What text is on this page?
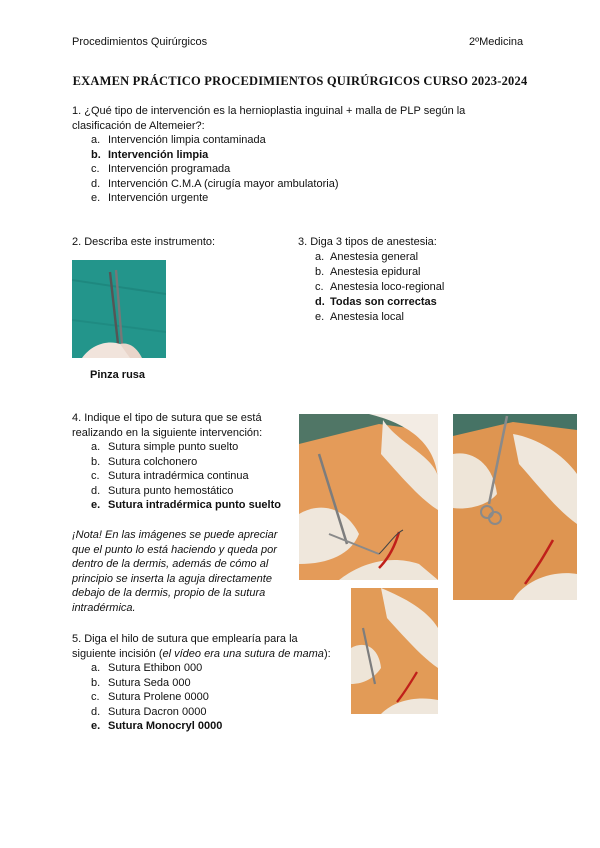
Procedimientos Quirúrgicos	2ºMedicina
EXAMEN PRÁCTICO PROCEDIMIENTOS QUIRÚRGICOS CURSO 2023-2024
1. ¿Qué tipo de intervención es la hernioplastia inguinal + malla de PLP según la
clasificación de Altemeier?:
a. Intervención limpia contaminada
b. Intervención limpia
c. Intervención programada
d. Intervención C.M.A (cirugía mayor ambulatoria)
e. Intervención urgente
2. Describa este instrumento:
Pinza rusa
3. Diga 3 tipos de anestesia:
a. Anestesia general
b. Anestesia epidural
c. Anestesia loco-regional
d. Todas son correctas
e. Anestesia local
4. Indique el tipo de sutura que se está
realizando en la siguiente intervención:
a. Sutura simple punto suelto
b. Sutura colchonero
c. Sutura intradérmica continua
d. Sutura punto hemostático
e. Sutura intradérmica punto suelto
¡Nota! En las imágenes se puede apreciar
que el punto lo está haciendo y queda por
dentro de la dermis, además de cómo al
principio se inserta la aguja directamente
debajo de la dermis, propio de la sutura
intradérmica.
5. Diga el hilo de sutura que emplearía para la
siguiente incisión (el vídeo era una sutura de mama):
a. Sutura Ethibon 000
b. Sutura Seda 000
c. Sutura Prolene 0000
d. Sutura Dacron 0000
e. Sutura Monocryl 0000
